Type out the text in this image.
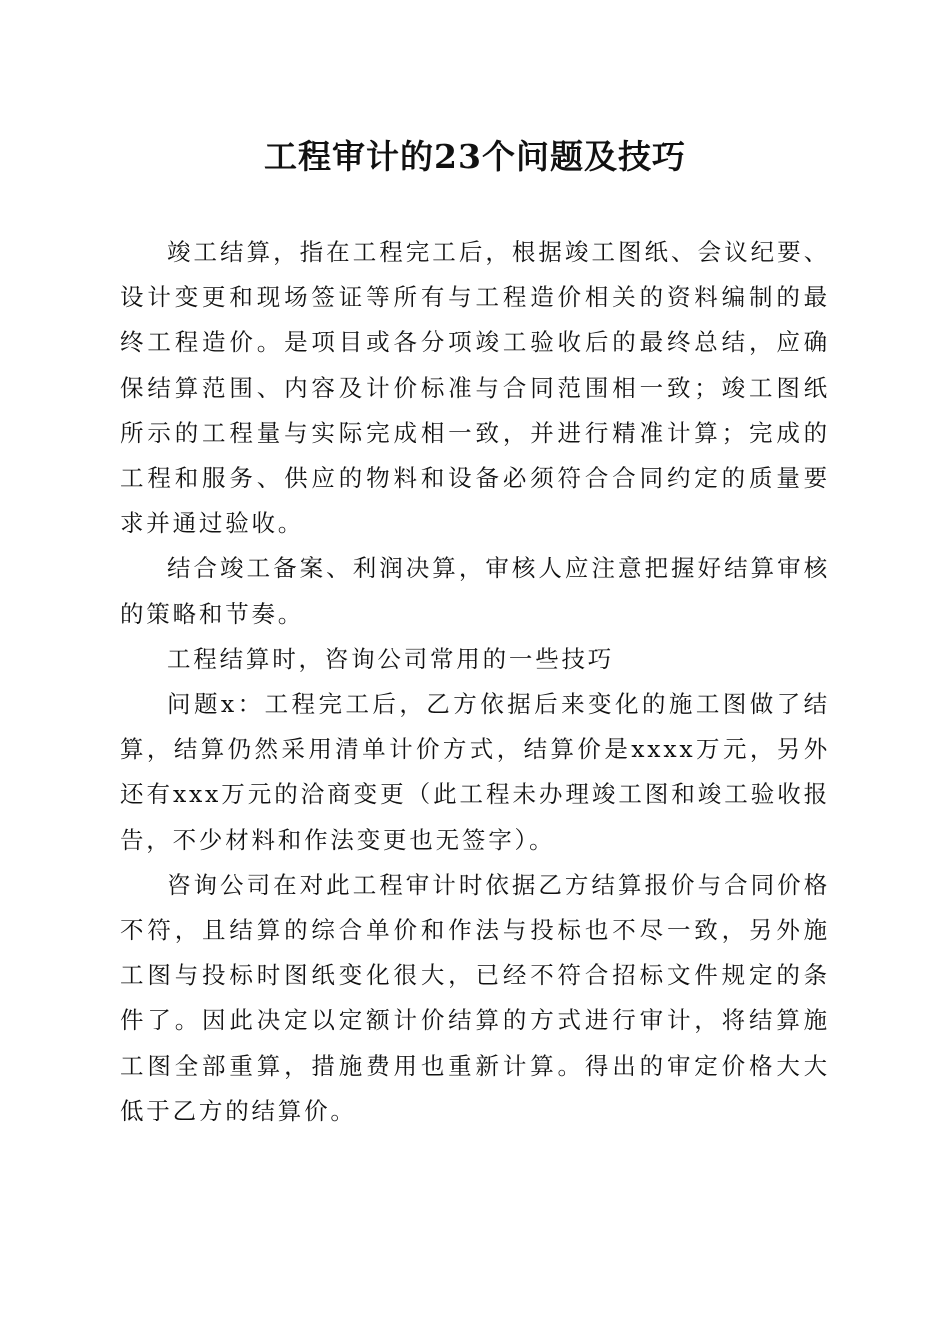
工程审计的23个问题及技巧

竣工结算，指在工程完工后，根据竣工图纸、会议纪要、设计变更和现场签证等所有与工程造价相关的资料编制的最终工程造价。是项目或各分项竣工验收后的最终总结，应确保结算范围、内容及计价标准与合同范围相一致；竣工图纸所示的工程量与实际完成相一致，并进行精准计算；完成的工程和服务、供应的物料和设备必须符合合同约定的质量要求并通过验收。

结合竣工备案、利润决算，审核人应注意把握好结算审核的策略和节奏。

工程结算时，咨询公司常用的一些技巧

问题x：工程完工后，乙方依据后来变化的施工图做了结算，结算仍然采用清单计价方式，结算价是xxxx万元，另外还有xxx万元的洽商变更（此工程未办理竣工图和竣工验收报告，不少材料和作法变更也无签字）。

咨询公司在对此工程审计时依据乙方结算报价与合同价格不符，且结算的综合单价和作法与投标也不尽一致，另外施工图与投标时图纸变化很大，已经不符合招标文件规定的条件了。因此决定以定额计价结算的方式进行审计，将结算施工图全部重算，措施费用也重新计算。得出的审定价格大大低于乙方的结算价。
